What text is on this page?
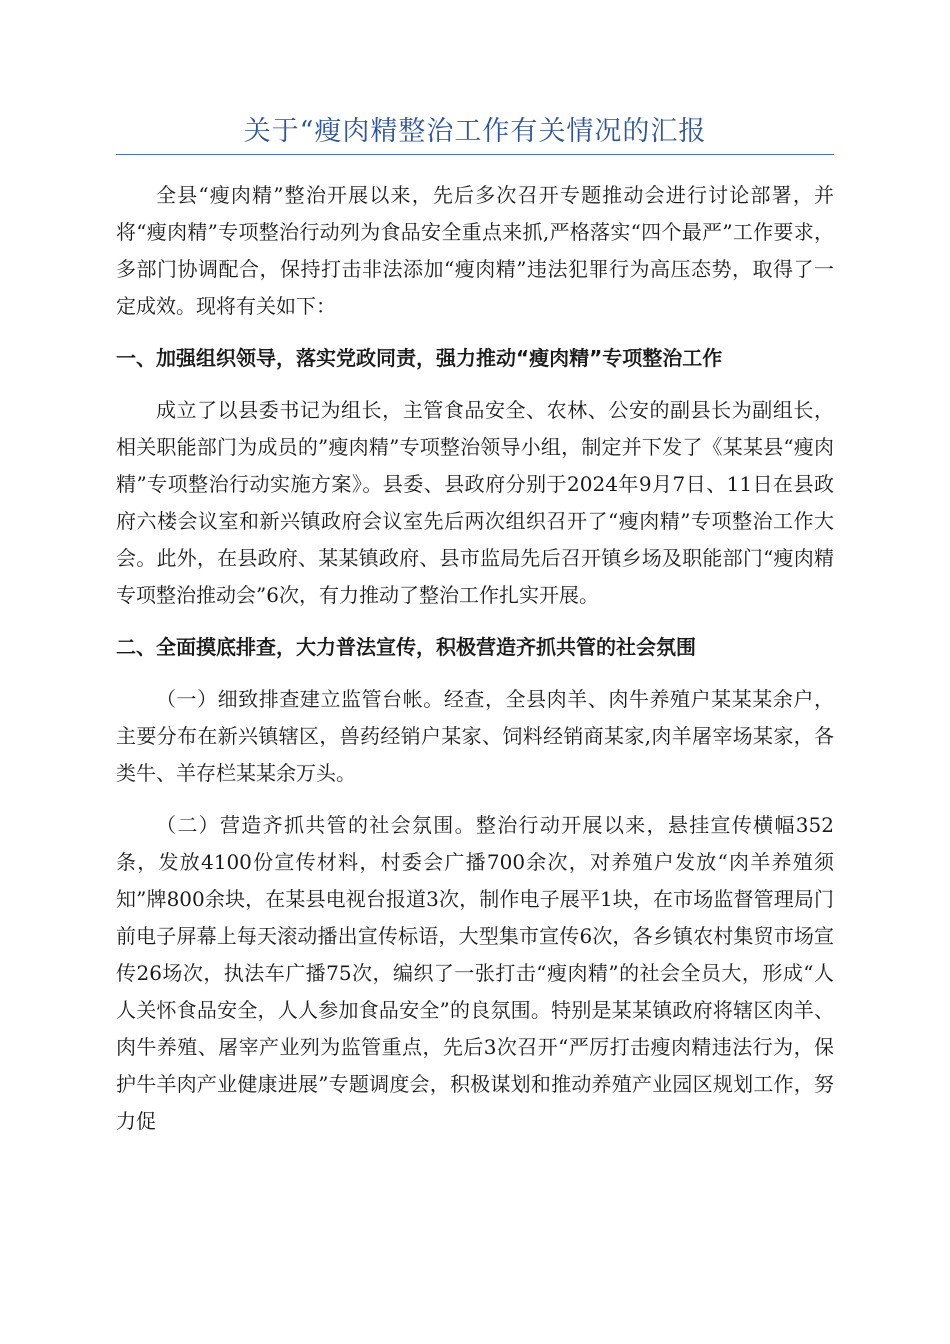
关于“瘦肉精整治工作有关情况的汇报

全县“瘦肉精”整治开展以来，先后多次召开专题推动会进行讨论部署，并将“瘦肉精”专项整治行动列为食品安全重点来抓,严格落实“四个最严”工作要求，多部门协调配合，保持打击非法添加“瘦肉精”违法犯罪行为高压态势，取得了一定成效。现将有关如下：

一、加强组织领导，落实党政同责，强力推动“瘦肉精”专项整治工作

成立了以县委书记为组长，主管食品安全、农林、公安的副县长为副组长，相关职能部门为成员的”瘦肉精”专项整治领导小组，制定并下发了《某某县“瘦肉精”专项整治行动实施方案》。县委、县政府分别于2024年9月7日、11日在县政府六楼会议室和新兴镇政府会议室先后两次组织召开了“瘦肉精”专项整治工作大会。此外，在县政府、某某镇政府、县市监局先后召开镇乡场及职能部门“瘦肉精专项整治推动会”6次，有力推动了整治工作扎实开展。

二、全面摸底排查，大力普法宣传，积极营造齐抓共管的社会氛围

（一）细致排查建立监管台帐。经查，全县肉羊、肉牛养殖户某某某余户，主要分布在新兴镇辖区，兽药经销户某家、饲料经销商某家,肉羊屠宰场某家，各类牛、羊存栏某某余万头。

（二）营造齐抓共管的社会氛围。整治行动开展以来，悬挂宣传横幅352条，发放4100份宣传材料，村委会广播700余次，对养殖户发放“肉羊养殖须知”牌800余块，在某县电视台报道3次，制作电子展平1块，在市场监督管理局门前电子屏幕上每天滚动播出宣传标语，大型集市宣传6次，各乡镇农村集贸市场宣传26场次，执法车广播75次，编织了一张打击“瘦肉精”的社会全员大，形成“人人关怀食品安全，人人参加食品安全”的良氛围。特别是某某镇政府将辖区肉羊、肉牛养殖、屠宰产业列为监管重点，先后3次召开“严厉打击瘦肉精违法行为，保护牛羊肉产业健康进展”专题调度会，积极谋划和推动养殖产业园区规划工作，努力促
